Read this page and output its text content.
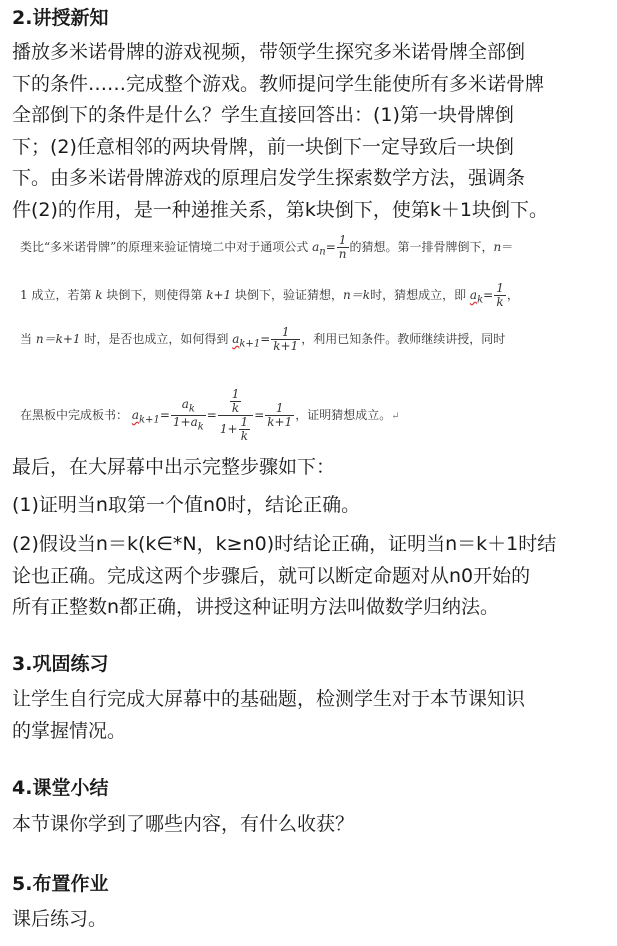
2.讲授新知
播放多米诺骨牌的游戏视频，带领学生探究多米诺骨牌全部倒
下的条件……完成整个游戏。教师提问学生能使所有多米诺骨牌
全部倒下的条件是什么？学生直接回答出：(1)第一块骨牌倒
下；(2)任意相邻的两块骨牌，前一块倒下一定导致后一块倒
下。由多米诺骨牌游戏的原理启发学生探索数学方法，强调条
件(2)的作用，是一种递推关系，第k块倒下，使第k＋1块倒下。
类比“多米诺骨牌”的原理来验证情境二中对于通项公式 $a_n= \frac{1}{n}$ 的猜想。第一排骨牌倒下，n＝
1 成立，若第 k 块倒下，则使得第 k+1 块倒下，验证猜想，n＝k时，猜想成立，即 $a_k= \frac{1}{k}$ ，
当 n＝k+1 时，是否也成立，如何得到 $a_{k+1}= \frac{1}{k+1}$ ，利用已知条件。教师继续讲授，同时
在黑板中完成板书： $a_{k+1}= \frac{a_k}{1+a_k} = \frac{\frac{1}{k}}{1+ \frac{1}{k}} = \frac{1}{k+1}$ ，证明猜想成立。↵
最后，在大屏幕中出示完整步骤如下：
(1)证明当n取第一个值n0时，结论正确。
(2)假设当n＝k(k∈*N，k≥n0)时结论正确，证明当n＝k＋1时结
论也正确。完成这两个步骤后，就可以断定命题对从n0开始的
所有正整数n都正确，讲授这种证明方法叫做数学归纳法。
3.巩固练习
让学生自行完成大屏幕中的基础题，检测学生对于本节课知识
的掌握情况。
4.课堂小结
本节课你学到了哪些内容，有什么收获？
5.布置作业
课后练习。
